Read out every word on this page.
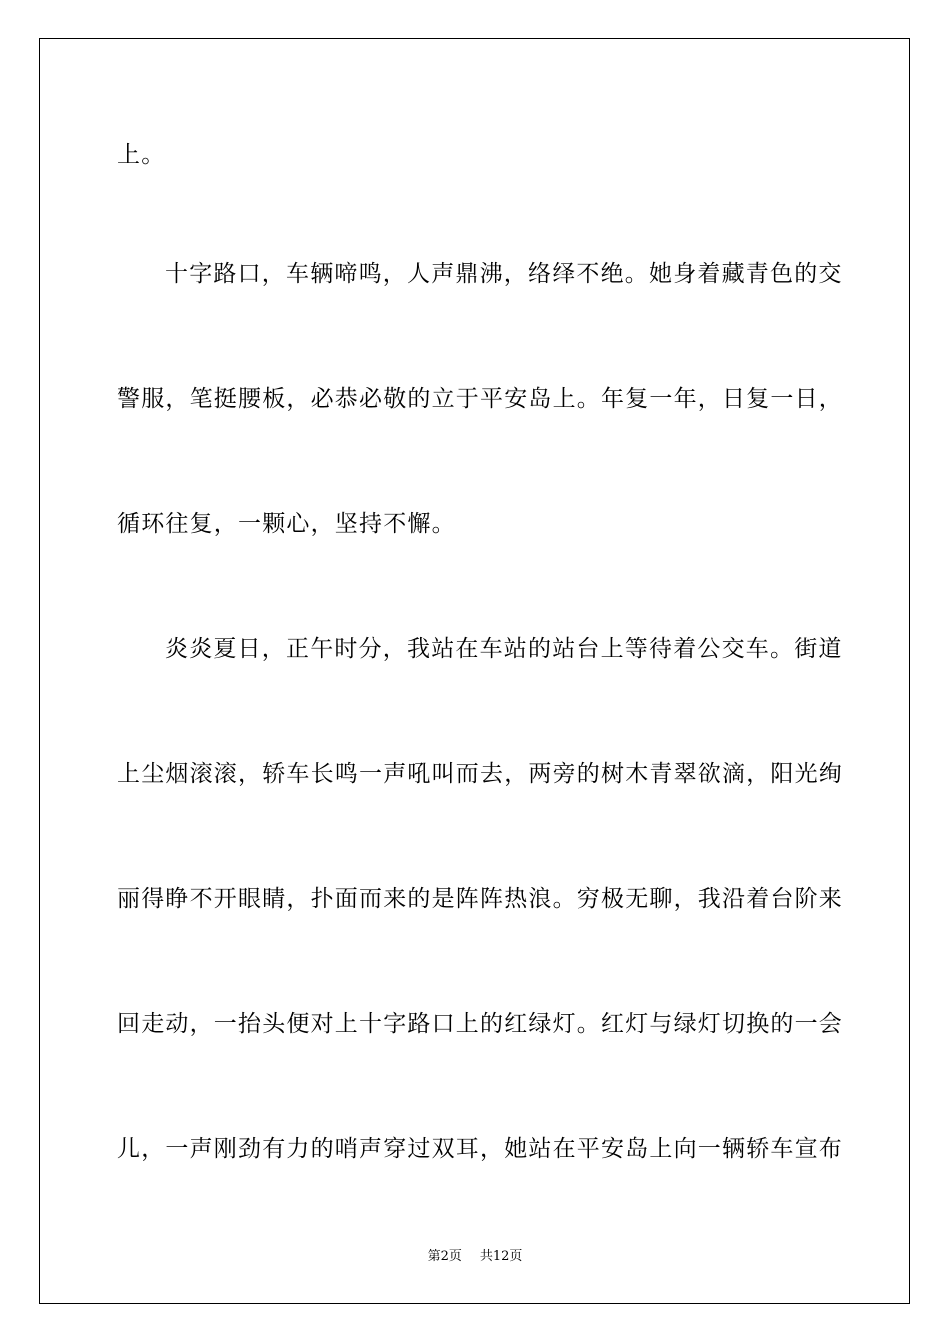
上。
十字路口，车辆啼鸣，人声鼎沸，络绎不绝。她身着藏青色的交
警服，笔挺腰板，必恭必敬的立于平安岛上。年复一年，日复一日，
循环往复，一颗心，坚持不懈。
炎炎夏日，正午时分，我站在车站的站台上等待着公交车。街道
上尘烟滚滚，轿车长鸣一声吼叫而去，两旁的树木青翠欲滴，阳光绚
丽得睁不开眼睛，扑面而来的是阵阵热浪。穷极无聊，我沿着台阶来
回走动，一抬头便对上十字路口上的红绿灯。红灯与绿灯切换的一会
儿，一声刚劲有力的哨声穿过双耳，她站在平安岛上向一辆轿车宣布
第2页 共12页
